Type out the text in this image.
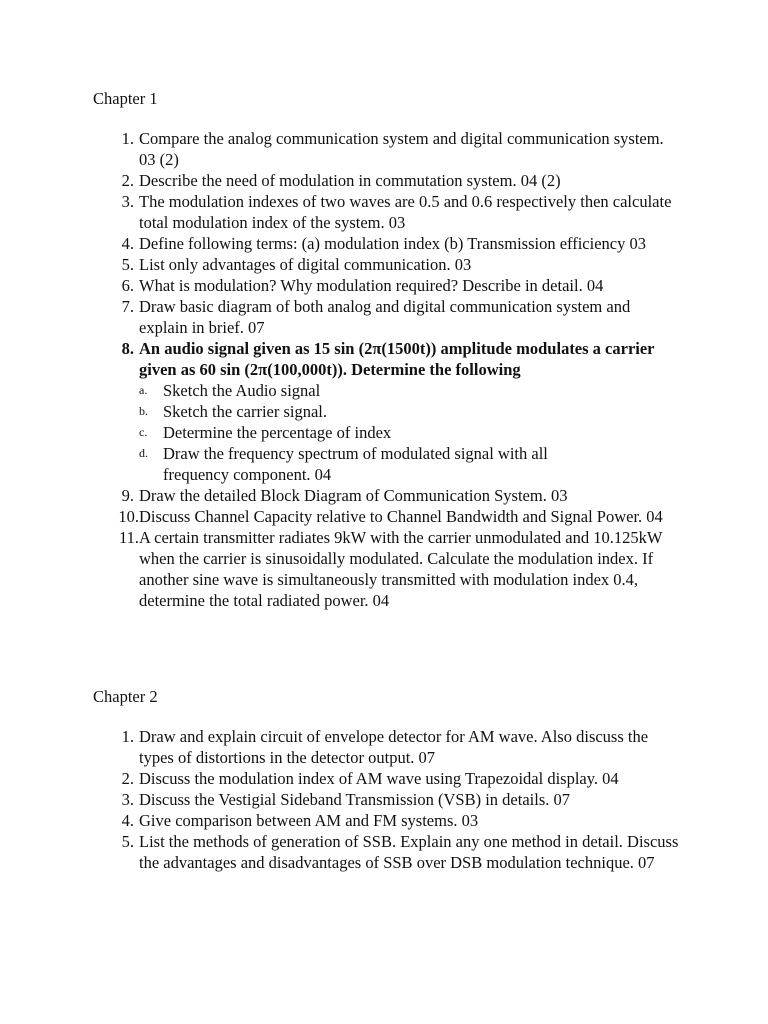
Chapter 1
1. Compare the analog communication system and digital communication system. 03 (2)
2. Describe the need of modulation in commutation system. 04 (2)
3. The modulation indexes of two waves are 0.5 and 0.6 respectively then calculate total modulation index of the system. 03
4. Define following terms: (a) modulation index (b) Transmission efficiency 03
5. List only advantages of digital communication. 03
6. What is modulation? Why modulation required? Describe in detail. 04
7. Draw basic diagram of both analog and digital communication system and explain in brief. 07
8. An audio signal given as 15 sin (2π(1500t)) amplitude modulates a carrier given as 60 sin (2π(100,000t)). Determine the following
a. Sketch the Audio signal
b. Sketch the carrier signal.
c. Determine the percentage of index
d. Draw the frequency spectrum of modulated signal with all frequency component. 04
9. Draw the detailed Block Diagram of Communication System. 03
10. Discuss Channel Capacity relative to Channel Bandwidth and Signal Power. 04
11. A certain transmitter radiates 9kW with the carrier unmodulated and 10.125kW when the carrier is sinusoidally modulated. Calculate the modulation index. If another sine wave is simultaneously transmitted with modulation index 0.4, determine the total radiated power. 04
Chapter 2
1. Draw and explain circuit of envelope detector for AM wave. Also discuss the types of distortions in the detector output. 07
2. Discuss the modulation index of AM wave using Trapezoidal display. 04
3. Discuss the Vestigial Sideband Transmission (VSB) in details. 07
4. Give comparison between AM and FM systems. 03
5. List the methods of generation of SSB. Explain any one method in detail. Discuss the advantages and disadvantages of SSB over DSB modulation technique. 07
